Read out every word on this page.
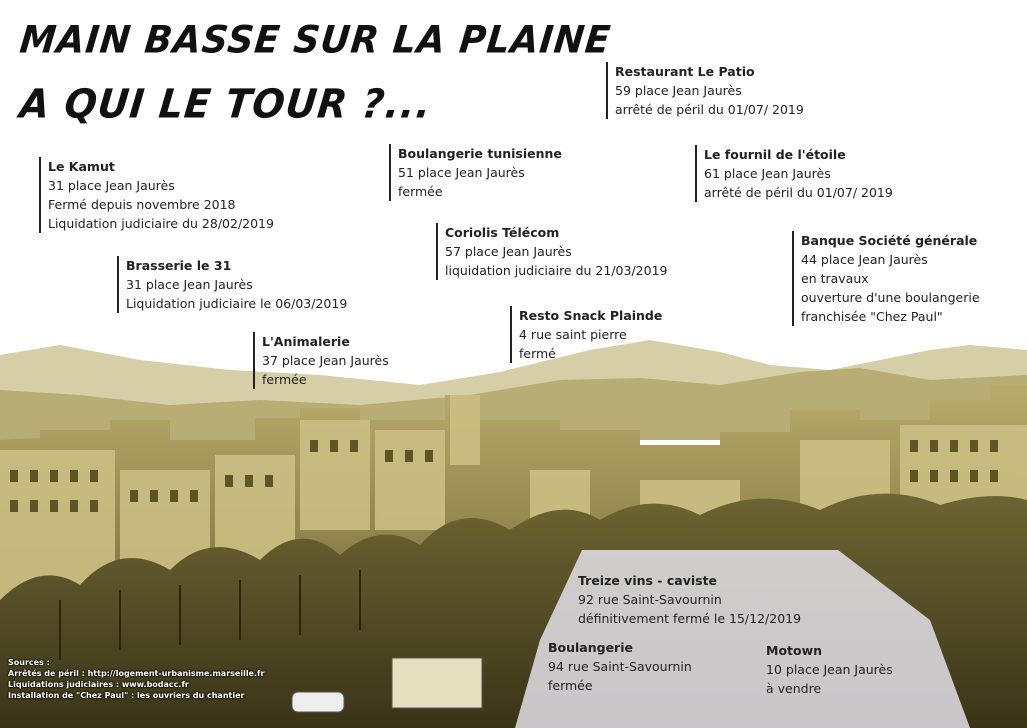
MAIN BASSE SUR LA PLAINE
A QUI LE TOUR ?...
Le Kamut
31 place Jean Jaurès
Fermé depuis novembre 2018
Liquidation judiciaire du 28/02/2019
Brasserie le 31
31 place Jean Jaurès
Liquidation judiciaire le 06/03/2019
L'Animalerie
37 place Jean Jaurès
fermée
Boulangerie tunisienne
51 place Jean Jaurès
fermée
Coriolis Télécom
57 place Jean Jaurès
liquidation judiciaire du 21/03/2019
Resto Snack Plainde
4 rue saint pierre
fermé
Restaurant Le Patio
59 place Jean Jaurès
arrêté de péril du 01/07/ 2019
Le fournil de l'étoile
61 place Jean Jaurès
arrêté de péril du 01/07/ 2019
Banque Société générale
44 place Jean Jaurès
en travaux
ouverture d'une boulangerie
franchisée "Chez Paul"
Treize vins - caviste
92 rue Saint-Savournin
définitivement fermé le 15/12/2019
Boulangerie
94 rue Saint-Savournin
fermée
Motown
10 place Jean Jaurès
à vendre
Sources :
Arrêtés de péril : http://logement-urbanisme.marseille.fr
Liquidations judiciaires : www.bodacc.fr
Installation de "Chez Paul" : les ouvriers du chantier
